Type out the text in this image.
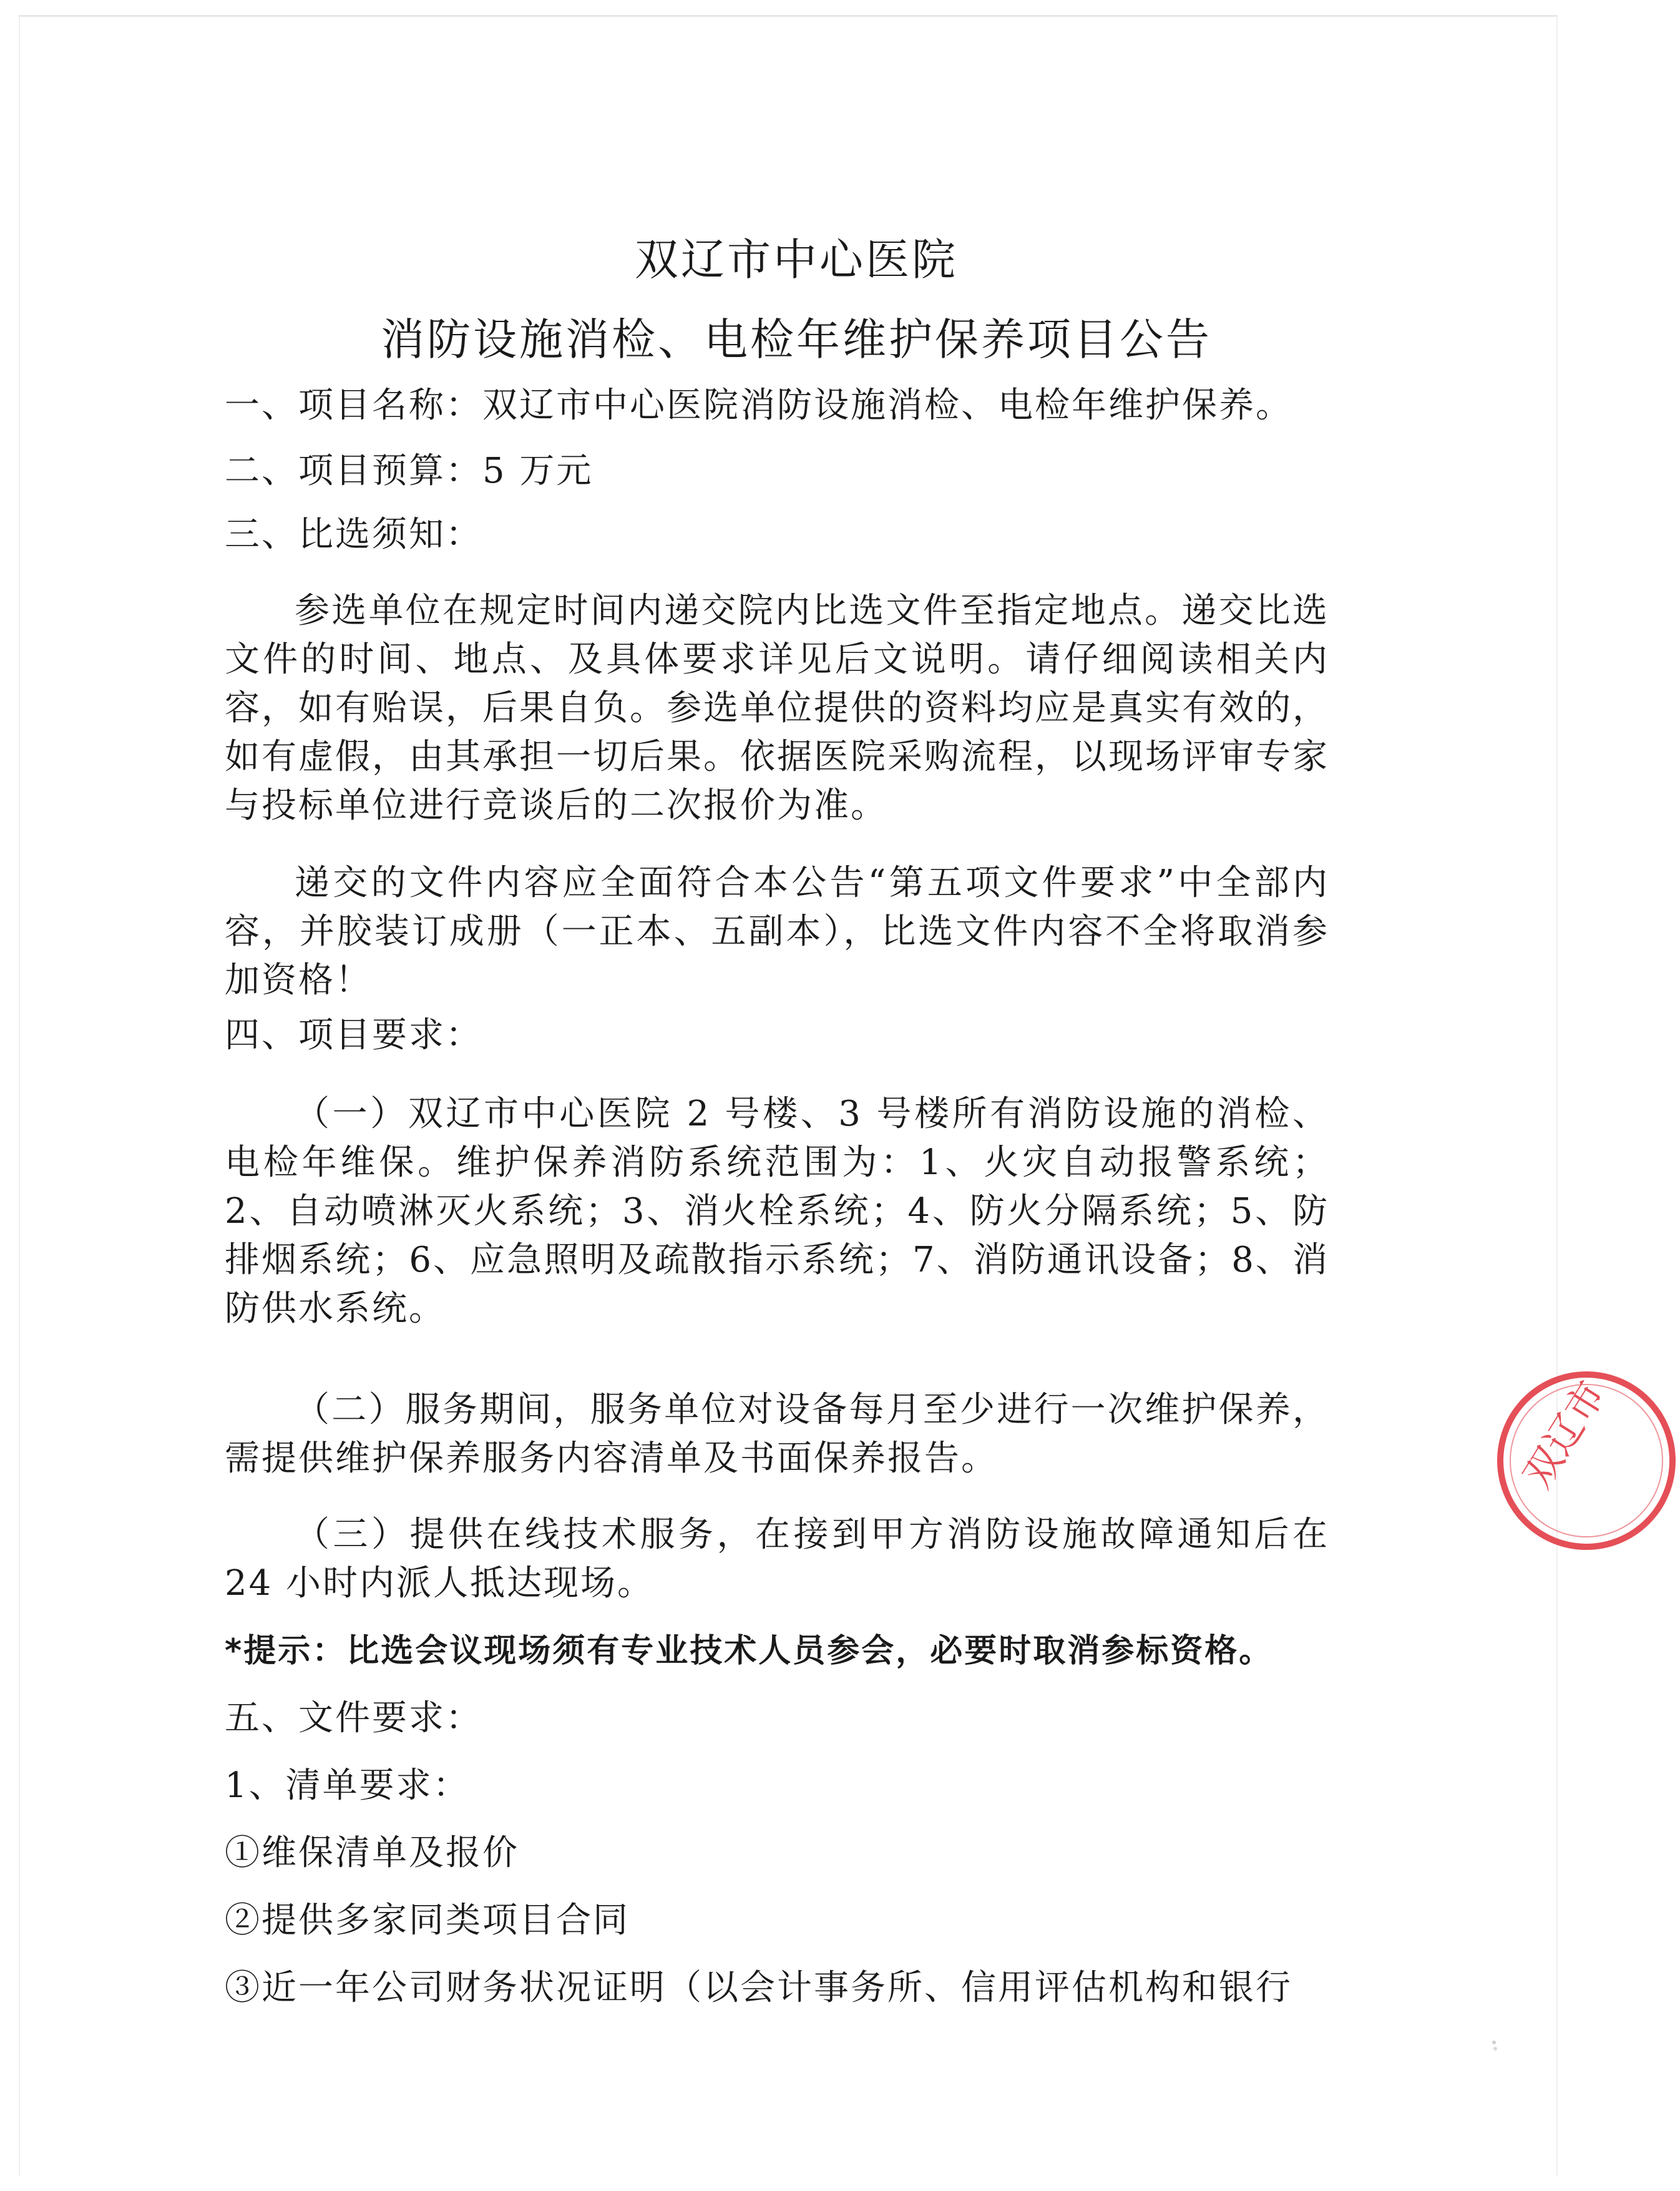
双辽市中心医院
消防设施消检、电检年维护保养项目公告

一、项目名称：双辽市中心医院消防设施消检、电检年维护保养。

二、项目预算：5 万元

三、比选须知：

参选单位在规定时间内递交院内比选文件至指定地点。递交比选文件的时间、地点、及具体要求详见后文说明。请仔细阅读相关内容，如有贻误，后果自负。参选单位提供的资料均应是真实有效的，如有虚假，由其承担一切后果。依据医院采购流程，以现场评审专家与投标单位进行竞谈后的二次报价为准。

递交的文件内容应全面符合本公告“第五项文件要求”中全部内容，并胶装订成册（一正本、五副本），比选文件内容不全将取消参加资格！

四、项目要求：

（一）双辽市中心医院 2 号楼、3 号楼所有消防设施的消检、电检年维保。维护保养消防系统范围为：1、火灾自动报警系统；2、自动喷淋灭火系统；3、消火栓系统；4、防火分隔系统；5、防排烟系统；6、应急照明及疏散指示系统；7、消防通讯设备；8、消防供水系统。

（二）服务期间，服务单位对设备每月至少进行一次维护保养，需提供维护保养服务内容清单及书面保养报告。

（三）提供在线技术服务，在接到甲方消防设施故障通知后在 24 小时内派人抵达现场。

*提示：比选会议现场须有专业技术人员参会，必要时取消参标资格。

五、文件要求：

1、清单要求：

①维保清单及报价

②提供多家同类项目合同

③近一年公司财务状况证明（以会计事务所、信用评估机构和银行

双辽市
